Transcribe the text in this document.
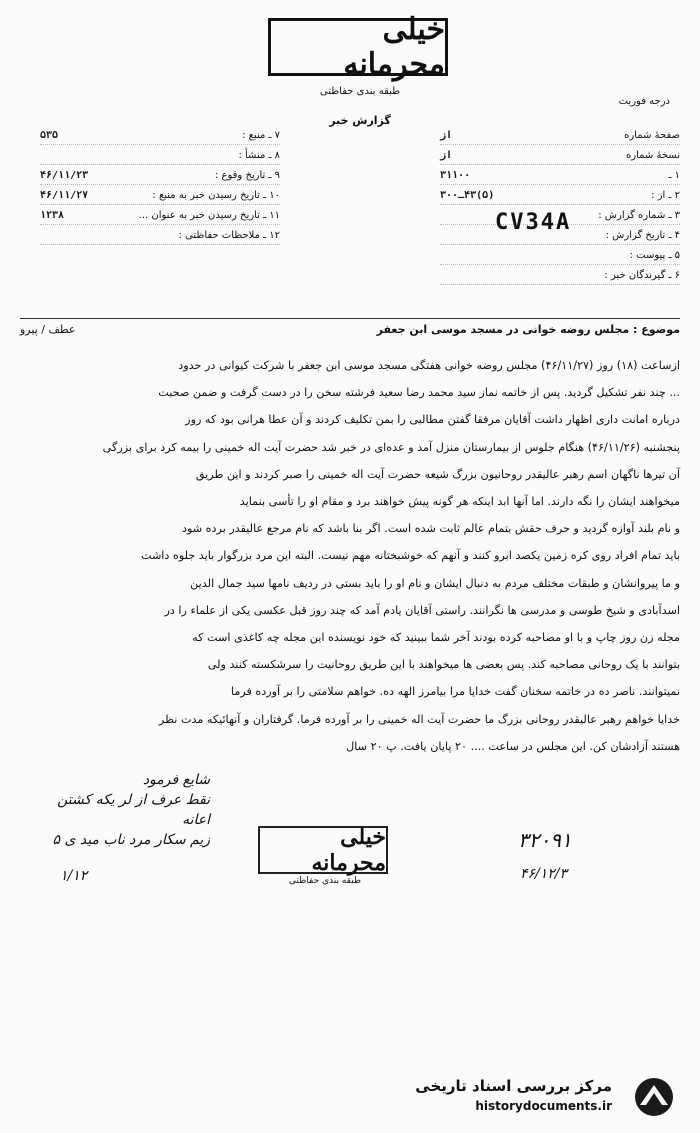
خیلی محرمانه
طبقه بندی حفاظتی
گزارش خبر
درجه فوریت
صفحهٔ شماره
از
نسخهٔ شماره
از
۱ ـ
۳۱۱۰۰
۲ ـ از :
(۵)۴۳ـ۳۰۰
۳ ـ شماره گزارش :
۴ ـ تاریخ گزارش :
۵ ـ پیوست :
۶ ـ گیرندگان خبر :
۷ ـ منبع :
۵۳۵
۸ ـ منشأ :
۹ ـ تاریخ وقوع :
۴۶/۱۱/۲۳
۱۰ ـ تاریخ رسیدن خبر به منبع :
۴۶/۱۱/۲۷
۱۱ ـ تاریخ رسیدن خبر به عنوان ...
۱۲۳۸
۱۲ ـ ملاحظات حفاظتی :
CV34A
موضوع : مجلس روضه خوانی در مسجد موسی ابن جعفر
عطف / پیرو

ازساعت (۱۸) روز (۴۶/۱۱/۲۷) مجلس روضه خوانی هفتگی مسجد موسی ابن جعفر با شرکت کیوانی در حدود

... چند نفر تشکیل گردید. پس از خاتمه نماز سید محمد رضا سعید فرشته سخن را در دست گرفت و ضمن صحبت

درباره امانت داری اظهار داشت آقایان مرفقا گفتن مطالبی را بمن تکلیف کردند و آن عطا هرانی بود که روز

پنجشنبه (۴۶/۱۱/۲۶) هنگام جلوس از بیمارستان منزل آمد و عده‌ای در خبر شد حضرت آیت اله خمینی را بیمه کرد برای بزرگی

آن تیرها ناگهان اسم رهبر عالیقدر روحانیون بزرگ شیعه حضرت آیت اله خمینی را صبر کردند و این طریق

میخواهند ایشان را نگه دارند. اما آنها ابد اینکه هر گونه پیش خواهند برد و مقام او را تأسی بنماید

و نام بلند آوازه گردید و حرف حقش بتمام عالم ثابت شده است. اگر بنا باشد که نام مرجع عالیقدر برده شود

باید تمام افراد روی کره زمین یکصد ابرو کنند و آنهم که خوشبختانه مهم نیست. البته این مرد بزرگوار باید جلوه داشت

و ما پیروانشان و طبقات مختلف مردم به دنبال ایشان و نام او را باید بستی در ردیف نامها سید جمال الدین

اسدآبادی و شیخ طوسی و مدرسی ها نگرانند. راستی آقایان یادم آمد که چند روز قبل عکسی یکی از علماء را در

مجله زن روز چاپ و با او مصاحبه کرده بودند آخر شما ببینید که خود نویسنده این مجله چه کاغذی است که

بتوانند با یک روحانی مصاحبه کند. پس بعضی ها میخواهند با این طریق روحانیت را سرشکسته کنند ولی

نمیتوانند. ناصر ده در خاتمه سخنان گفت خدایا مرا بیامرز الهه ده. خواهم سلامتی را بر آورده فرما

خدایا خواهم رهبر عالیقدر روحانی بزرگ ما حضرت آیت اله خمینی را بر آورده فرما. گرفتاران و آنهائیکه مدت نظر

هستند آزادشان کن. این مجلس در ساعت .... ۲۰ پایان یافت. پ ۲۰ سال

شایع فرمود
نقط عرف از لر یکه کشتن اعانه
زیم سکار مرد ناب مید ی ۵
۱/۱۲
خیلی محرمانه
طبقه بندی حفاظتی
۳۲۰۹۱
۴۶/۱۲/۳
مرکز بررسی اسناد تاریخی
historydocuments.ir
